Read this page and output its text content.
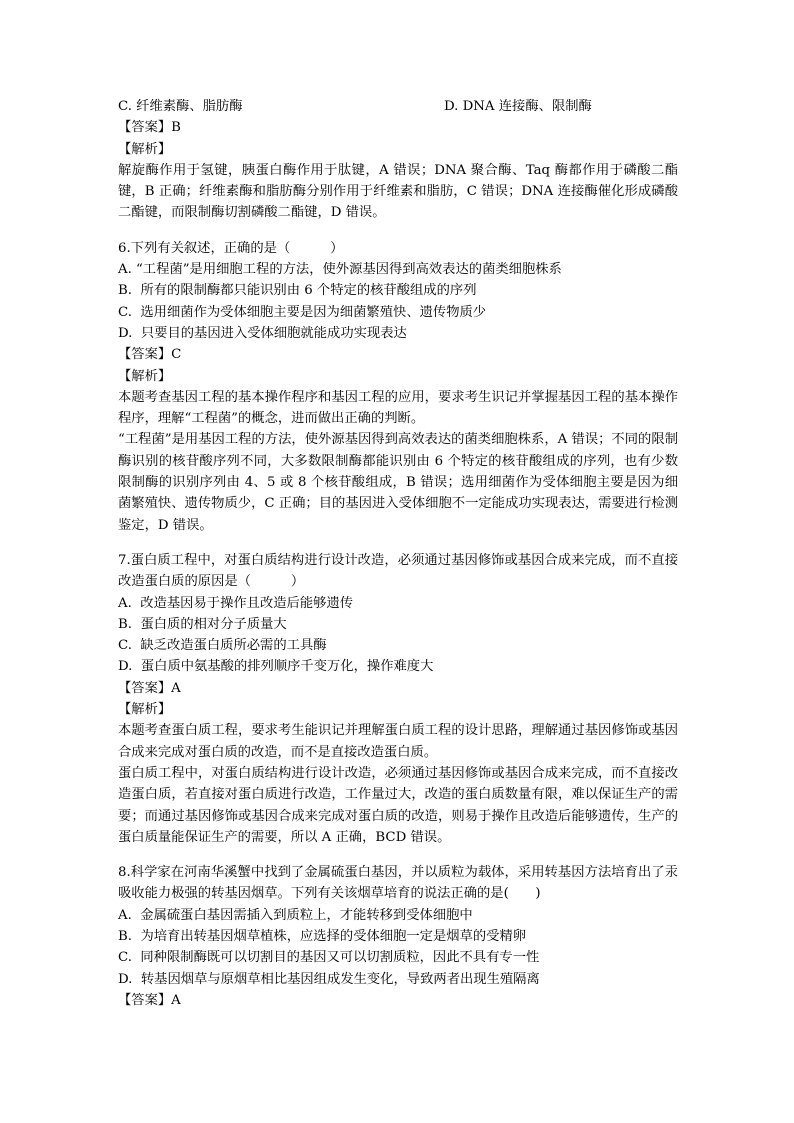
C. 纤维素酶、脂肪酶	D. DNA 连接酶、限制酶
【答案】B
【解析】
解旋酶作用于氢键，胰蛋白酶作用于肽键，A 错误；DNA 聚合酶、Taq 酶都作用于磷酸二酯键，B 正确；纤维素酶和脂肪酶分别作用于纤维素和脂肪，C 错误；DNA 连接酶催化形成磷酸二酯键，而限制酶切割磷酸二酯键，D 错误。
6.下列有关叙述，正确的是（　　　）
A. “工程菌”是用细胞工程的方法，使外源基因得到高效表达的菌类细胞株系
B.  所有的限制酶都只能识别由 6 个特定的核苷酸组成的序列
C.  选用细菌作为受体细胞主要是因为细菌繁殖快、遗传物质少
D.  只要目的基因进入受体细胞就能成功实现表达
【答案】C
【解析】
本题考查基因工程的基本操作程序和基因工程的应用，要求考生识记并掌握基因工程的基本操作程序，理解“工程菌”的概念，进而做出正确的判断。
“工程菌”是用基因工程的方法，使外源基因得到高效表达的菌类细胞株系，A 错误；不同的限制酶识别的核苷酸序列不同，大多数限制酶都能识别由 6 个特定的核苷酸组成的序列，也有少数限制酶的识别序列由 4、5 或 8 个核苷酸组成，B 错误；选用细菌作为受体细胞主要是因为细菌繁殖快、遗传物质少，C 正确；目的基因进入受体细胞不一定能成功实现表达，需要进行检测鉴定，D 错误。
7.蛋白质工程中，对蛋白质结构进行设计改造，必须通过基因修饰或基因合成来完成，而不直接改造蛋白质的原因是（　　　）
A.  改造基因易于操作且改造后能够遗传
B.  蛋白质的相对分子质量大
C.  缺乏改造蛋白质所必需的工具酶
D.  蛋白质中氨基酸的排列顺序千变万化，操作难度大
【答案】A
【解析】
本题考查蛋白质工程，要求考生能识记并理解蛋白质工程的设计思路，理解通过基因修饰或基因合成来完成对蛋白质的改造，而不是直接改造蛋白质。
蛋白质工程中，对蛋白质结构进行设计改造，必须通过基因修饰或基因合成来完成，而不直接改造蛋白质，若直接对蛋白质进行改造，工作量过大，改造的蛋白质数量有限，难以保证生产的需要；而通过基因修饰或基因合成来完成对蛋白质的改造，则易于操作且改造后能够遗传，生产的蛋白质量能保证生产的需要，所以 A 正确，BCD 错误。
8.科学家在河南华溪蟹中找到了金属硫蛋白基因，并以质粒为载体，采用转基因方法培育出了汞吸收能力极强的转基因烟草。下列有关该烟草培育的说法正确的是(　　)
A.  金属硫蛋白基因需插入到质粒上，才能转移到受体细胞中
B.  为培育出转基因烟草植株，应选择的受体细胞一定是烟草的受精卵
C.  同种限制酶既可以切割目的基因又可以切割质粒，因此不具有专一性
D.  转基因烟草与原烟草相比基因组成发生变化，导致两者出现生殖隔离
【答案】A
